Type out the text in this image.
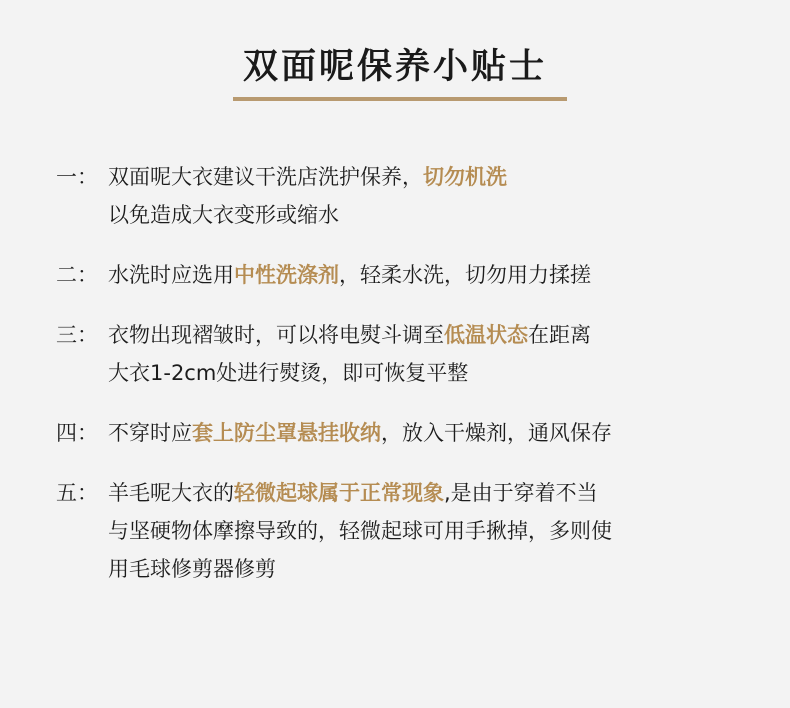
双面呢保养小贴士
一： 双面呢大衣建议干洗店洗护保养，切勿机洗
以免造成大衣变形或缩水
二： 水洗时应选用中性洗涤剂，轻柔水洗，切勿用力揉搓
三： 衣物出现褶皱时，可以将电熨斗调至低温状态在距离
大衣1-2cm处进行熨烫，即可恢复平整
四： 不穿时应套上防尘罩悬挂收纳，放入干燥剂，通风保存
五： 羊毛呢大衣的轻微起球属于正常现象,是由于穿着不当
与坚硬物体摩擦导致的，轻微起球可用手揪掉，多则使
用毛球修剪器修剪
